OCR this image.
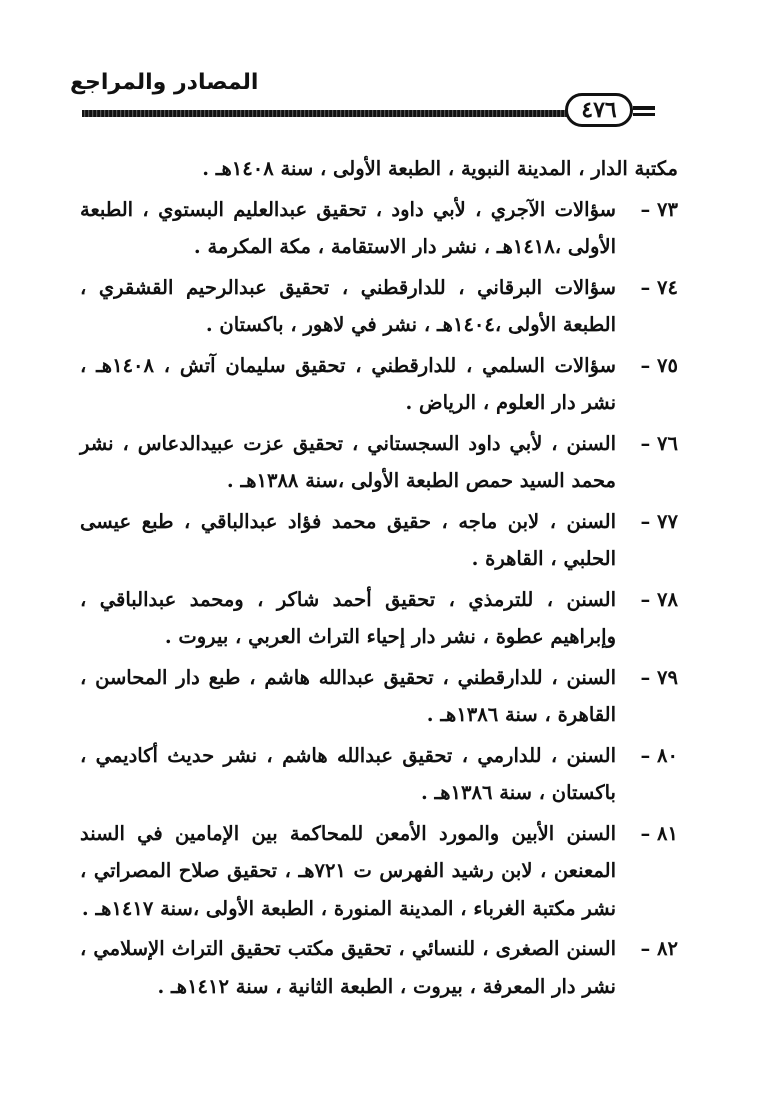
المصادر والمراجع
٤٧٦
مكتبة الدار ، المدينة النبوية ، الطبعة الأولى ، سنة ١٤٠٨هـ .
٧٣ –
سؤالات الآجري ، لأبي داود ، تحقيق عبدالعليم البستوي ، الطبعة الأولى ،١٤١٨هـ ، نشر دار الاستقامة ، مكة المكرمة .
٧٤ –
سؤالات البرقاني ، للدارقطني ، تحقيق عبدالرحيم القشقري ، الطبعة الأولى ،١٤٠٤هـ ، نشر في لاهور ، باكستان .
٧٥ –
سؤالات السلمي ، للدارقطني ، تحقيق سليمان آتش ، ١٤٠٨هـ ، نشر دار العلوم ، الرياض .
٧٦ –
السنن ، لأبي داود السجستاني ، تحقيق عزت عبيدالدعاس ، نشر محمد السيد حمص الطبعة الأولى ،سنة ١٣٨٨هـ .
٧٧ –
السنن ، لابن ماجه ، حقيق محمد فؤاد عبدالباقي ، طبع عيسى الحلبي ، القاهرة .
٧٨ –
السنن ، للترمذي ، تحقيق أحمد شاكر ، ومحمد عبدالباقي ، وإبراهيم عطوة ، نشر دار إحياء التراث العربي ، بيروت .
٧٩ –
السنن ، للدارقطني ، تحقيق عبدالله هاشم ، طبع دار المحاسن ، القاهرة ، سنة ١٣٨٦هـ .
٨٠ –
السنن ، للدارمي ، تحقيق عبدالله هاشم ، نشر حديث أكاديمي ، باكستان ، سنة ١٣٨٦هـ .
٨١ –
السنن الأبين والمورد الأمعن للمحاكمة بين الإمامين في السند المعنعن ، لابن رشيد الفهرس ت ٧٢١هـ ، تحقيق صلاح المصراتي ، نشر مكتبة الغرباء ، المدينة المنورة ، الطبعة الأولى ،سنة ١٤١٧هـ .
٨٢ –
السنن الصغرى ، للنسائي ، تحقيق مكتب تحقيق التراث الإسلامي ، نشر دار المعرفة ، بيروت ، الطبعة الثانية ، سنة ١٤١٢هـ .
